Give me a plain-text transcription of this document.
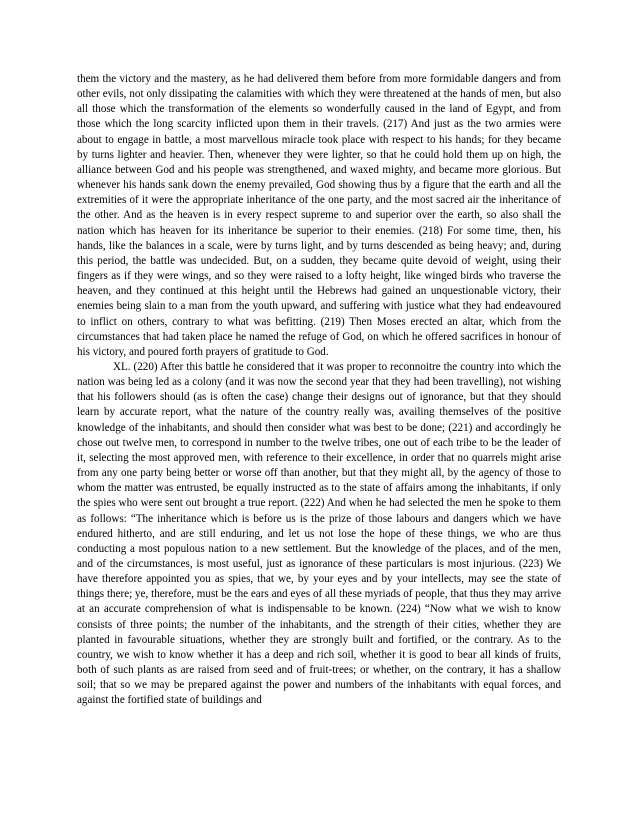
them the victory and the mastery, as he had delivered them before from more formidable dangers and from other evils, not only dissipating the calamities with which they were threatened at the hands of men, but also all those which the transformation of the elements so wonderfully caused in the land of Egypt, and from those which the long scarcity inflicted upon them in their travels. (217) And just as the two armies were about to engage in battle, a most marvellous miracle took place with respect to his hands; for they became by turns lighter and heavier. Then, whenever they were lighter, so that he could hold them up on high, the alliance between God and his people was strengthened, and waxed mighty, and became more glorious. But whenever his hands sank down the enemy prevailed, God showing thus by a figure that the earth and all the extremities of it were the appropriate inheritance of the one party, and the most sacred air the inheritance of the other. And as the heaven is in every respect supreme to and superior over the earth, so also shall the nation which has heaven for its inheritance be superior to their enemies. (218) For some time, then, his hands, like the balances in a scale, were by turns light, and by turns descended as being heavy; and, during this period, the battle was undecided. But, on a sudden, they became quite devoid of weight, using their fingers as if they were wings, and so they were raised to a lofty height, like winged birds who traverse the heaven, and they continued at this height until the Hebrews had gained an unquestionable victory, their enemies being slain to a man from the youth upward, and suffering with justice what they had endeavoured to inflict on others, contrary to what was befitting. (219) Then Moses erected an altar, which from the circumstances that had taken place he named the refuge of God, on which he offered sacrifices in honour of his victory, and poured forth prayers of gratitude to God.

XL. (220) After this battle he considered that it was proper to reconnoitre the country into which the nation was being led as a colony (and it was now the second year that they had been travelling), not wishing that his followers should (as is often the case) change their designs out of ignorance, but that they should learn by accurate report, what the nature of the country really was, availing themselves of the positive knowledge of the inhabitants, and should then consider what was best to be done; (221) and accordingly he chose out twelve men, to correspond in number to the twelve tribes, one out of each tribe to be the leader of it, selecting the most approved men, with reference to their excellence, in order that no quarrels might arise from any one party being better or worse off than another, but that they might all, by the agency of those to whom the matter was entrusted, be equally instructed as to the state of affairs among the inhabitants, if only the spies who were sent out brought a true report. (222) And when he had selected the men he spoke to them as follows: “The inheritance which is before us is the prize of those labours and dangers which we have endured hitherto, and are still enduring, and let us not lose the hope of these things, we who are thus conducting a most populous nation to a new settlement. But the knowledge of the places, and of the men, and of the circumstances, is most useful, just as ignorance of these particulars is most injurious. (223) We have therefore appointed you as spies, that we, by your eyes and by your intellects, may see the state of things there; ye, therefore, must be the ears and eyes of all these myriads of people, that thus they may arrive at an accurate comprehension of what is indispensable to be known. (224) “Now what we wish to know consists of three points; the number of the inhabitants, and the strength of their cities, whether they are planted in favourable situations, whether they are strongly built and fortified, or the contrary. As to the country, we wish to know whether it has a deep and rich soil, whether it is good to bear all kinds of fruits, both of such plants as are raised from seed and of fruit-trees; or whether, on the contrary, it has a shallow soil; that so we may be prepared against the power and numbers of the inhabitants with equal forces, and against the fortified state of buildings and
